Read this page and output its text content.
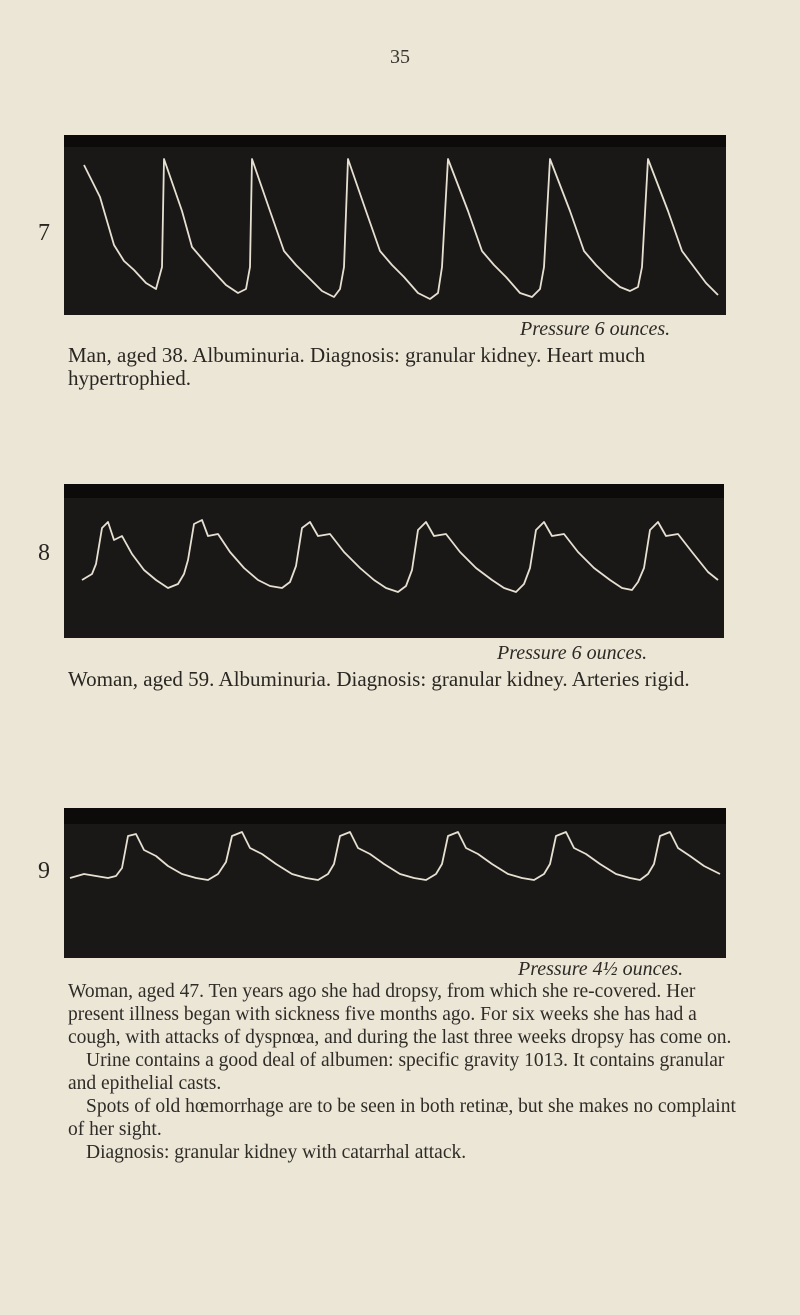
35
7
Pressure 6 ounces.
Man, aged 38. Albuminuria. Diagnosis: granular kidney. Heart much hypertrophied.
8
Pressure 6 ounces.
Woman, aged 59. Albuminuria. Diagnosis: granular kidney. Arteries rigid.
9
Pressure 4½ ounces.

Woman, aged 47. Ten years ago she had dropsy, from which she re-covered. Her present illness began with sickness five months ago. For six weeks she has had a cough, with attacks of dyspnœa, and during the last three weeks dropsy has come on.

Urine contains a good deal of albumen: specific gravity 1013. It contains granular and epithelial casts.

Spots of old hœmorrhage are to be seen in both retinæ, but she makes no complaint of her sight.

Diagnosis: granular kidney with catarrhal attack.
